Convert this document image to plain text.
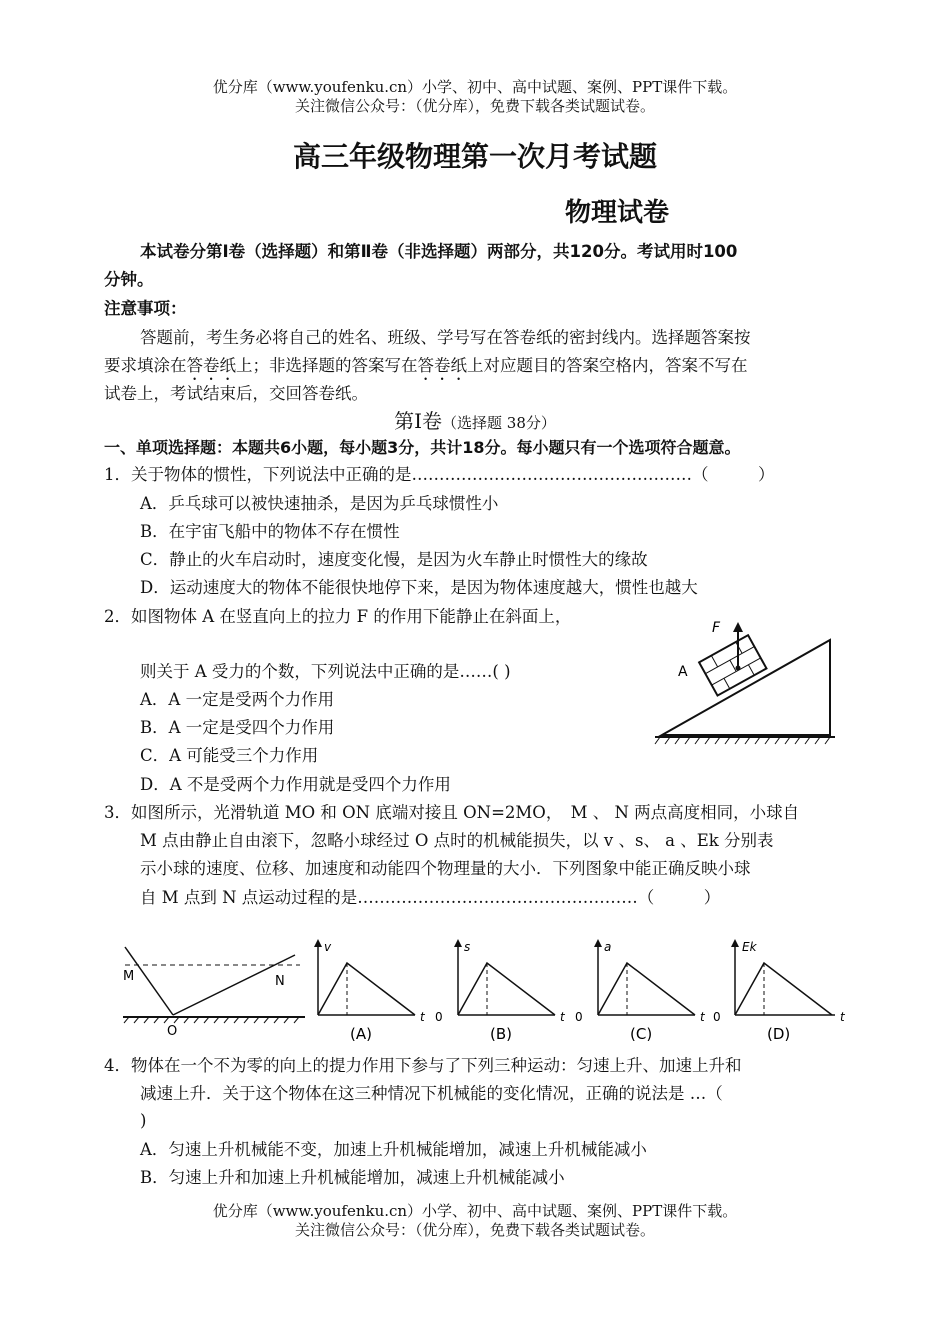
优分库（www.youfenku.cn）小学、初中、高中试题、案例、PPT课件下载。
关注微信公众号：（优分库），免费下载各类试题试卷。
高三年级物理第一次月考试题
物理试卷
本试卷分第Ⅰ卷（选择题）和第Ⅱ卷（非选择题）两部分，共120分。考试用时100
分钟。
注意事项：
答题前，考生务必将自己的姓名、班级、学号写在答卷纸的密封线内。选择题答案按
要求填涂在答卷纸上；非选择题的答案写在答卷纸上对应题目的答案空格内，答案不写在
试卷上，考试结束后，交回答卷纸。
第Ⅰ卷（选择题 38分）
一、单项选择题：本题共6小题，每小题3分，共计18分。每小题只有一个选项符合题意。
1．关于物体的惯性，下列说法中正确的是……………………………………………（　　　）
A．乒乓球可以被快速抽杀，是因为乒乓球惯性小
B．在宇宙飞船中的物体不存在惯性
C．静止的火车启动时，速度变化慢，是因为火车静止时惯性大的缘故
D．运动速度大的物体不能很快地停下来，是因为物体速度越大，惯性也越大
2．如图物体 A 在竖直向上的拉力 F 的作用下能静止在斜面上，
则关于 A 受力的个数，下列说法中正确的是……( )
A．A 一定是受两个力作用
B．A 一定是受四个力作用
C．A 可能受三个力作用
D．A 不是受两个力作用就是受四个力作用
F
A
3．如图所示，光滑轨道 MO 和 ON 底端对接且 ON=2MO，　M 、 N 两点高度相同，小球自
M 点由静止自由滚下，忽略小球经过 O 点时的机械能损失，以 v 、s、 a 、Ek 分别表
示小球的速度、位移、加速度和动能四个物理量的大小．下列图象中能正确反映小球
自 M 点到 N 点运动过程的是……………………………………………（　　　）
M	N
O
v
t
(A)
0
s
t
(B)
0
a
t
(C)
0
Ek
t
(D)
4．物体在一个不为零的向上的提力作用下参与了下列三种运动：匀速上升、加速上升和
减速上升．关于这个物体在这三种情况下机械能的变化情况，正确的说法是 …（
)
A．匀速上升机械能不变，加速上升机械能增加，减速上升机械能减小
B．匀速上升和加速上升机械能增加，减速上升机械能减小
优分库（www.youfenku.cn）小学、初中、高中试题、案例、PPT课件下载。
关注微信公众号：（优分库），免费下载各类试题试卷。
